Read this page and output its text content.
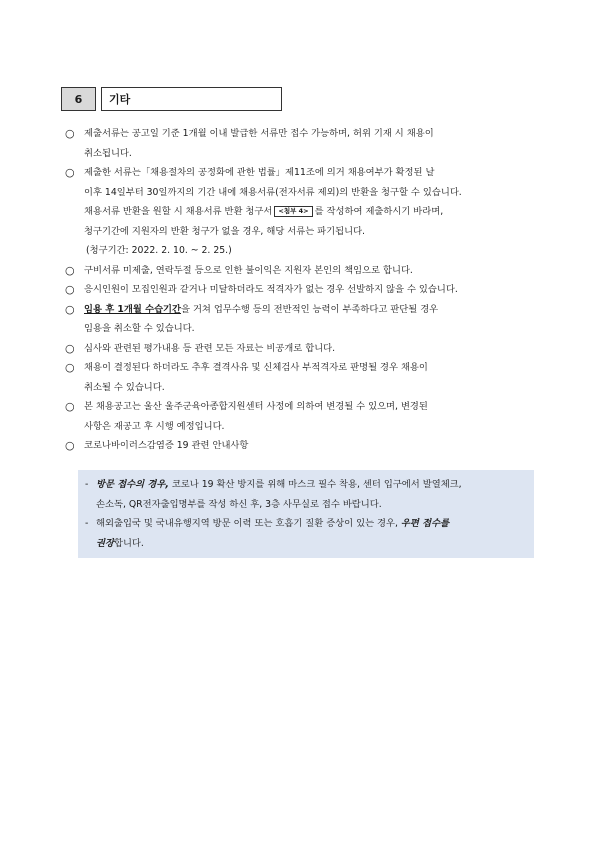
6	기타
○ 제출서류는 공고일 기준 1개월 이내 발급한 서류만 접수 가능하며, 허위 기재 시 채용이
취소됩니다.
○ 제출한 서류는「채용절차의 공정화에 관한 법률」제11조에 의거 채용여부가 확정된 날
이후 14일부터 30일까지의 기간 내에 채용서류(전자서류 제외)의 반환을 청구할 수 있습니다.
채용서류 반환을 원할 시 채용서류 반환 청구서 <첨부 4> 를 작성하여 제출하시기 바라며,
청구기간에 지원자의 반환 청구가 없을 경우, 해당 서류는 파기됩니다.
(청구기간: 2022. 2. 10. ~ 2. 25.)
○ 구비서류 미제출, 연락두절 등으로 인한 불이익은 지원자 본인의 책임으로 합니다.
○ 응시인원이 모집인원과 같거나 미달하더라도 적격자가 없는 경우 선발하지 않을 수 있습니다.
○ 임용 후 1개월 수습기간을 거쳐 업무수행 등의 전반적인 능력이 부족하다고 판단될 경우
임용을 취소할 수 있습니다.
○ 심사와 관련된 평가내용 등 관련 모든 자료는 비공개로 합니다.
○ 채용이 결정된다 하더라도 추후 결격사유 및 신체검사 부적격자로 판명될 경우 채용이
취소될 수 있습니다.
○ 본 채용공고는 울산 울주군육아종합지원센터 사정에 의하여 변경될 수 있으며, 변경된
사항은 재공고 후 시행 예정입니다.
○ 코로나바이러스감염증 19 관련 안내사항
- 방문 접수의 경우, 코로나 19 확산 방지를 위해 마스크 필수 착용, 센터 입구에서 발열체크,
손소독, QR전자출입명부를 작성 하신 후, 3층 사무실로 접수 바랍니다.
- 해외출입국 및 국내유행지역 방문 이력 또는 호흡기 질환 증상이 있는 경우, 우편 접수를
권장합니다.
